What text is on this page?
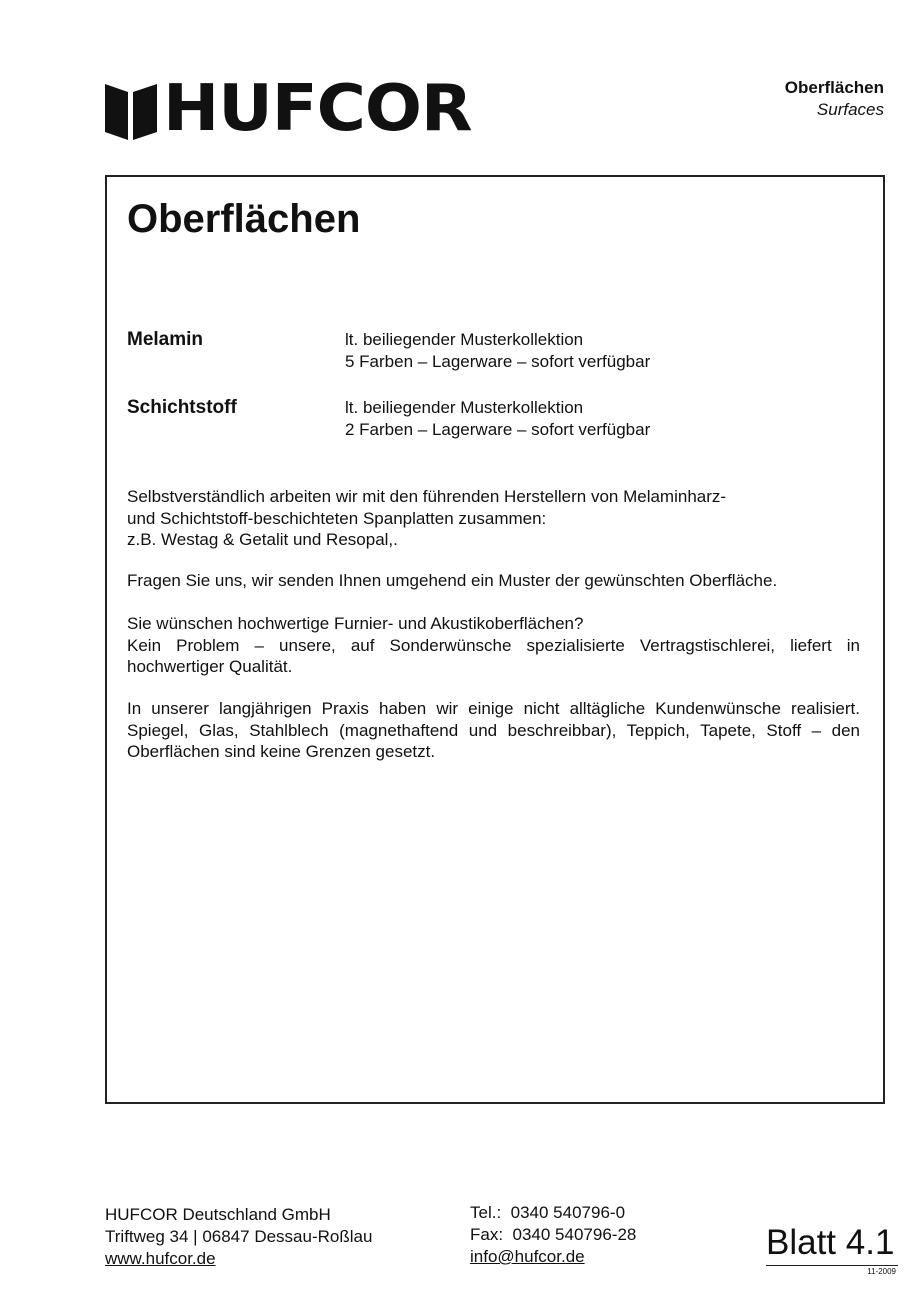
HUFCOR	Oberflächen
Surfaces
Oberflächen
Melamin	lt. beiliegender Musterkollektion
5 Farben – Lagerware – sofort verfügbar
Schichtstoff	lt. beiliegender Musterkollektion
2 Farben – Lagerware – sofort verfügbar
Selbstverständlich arbeiten wir mit den führenden Herstellern von Melaminharz-
und Schichtstoff-beschichteten Spanplatten zusammen:
z.B. Westag & Getalit und Resopal,.
Fragen Sie uns, wir senden Ihnen umgehend ein Muster der gewünschten Oberfläche.
Sie wünschen hochwertige Furnier- und Akustikoberflächen?
Kein Problem – unsere, auf Sonderwünsche spezialisierte Vertragstischlerei, liefert in hochwertiger Qualität.
In unserer langjährigen Praxis haben wir einige nicht alltägliche Kundenwünsche realisiert. Spiegel, Glas, Stahlblech (magnethaftend und beschreibbar), Teppich, Tapete, Stoff – den Oberflächen sind keine Grenzen gesetzt.
HUFCOR Deutschland GmbH
Triftweg 34 | 06847 Dessau-Roßlau
www.hufcor.de
Tel.: 0340 540796-0
Fax: 0340 540796-28
info@hufcor.de	Blatt 4.1
11-2009
